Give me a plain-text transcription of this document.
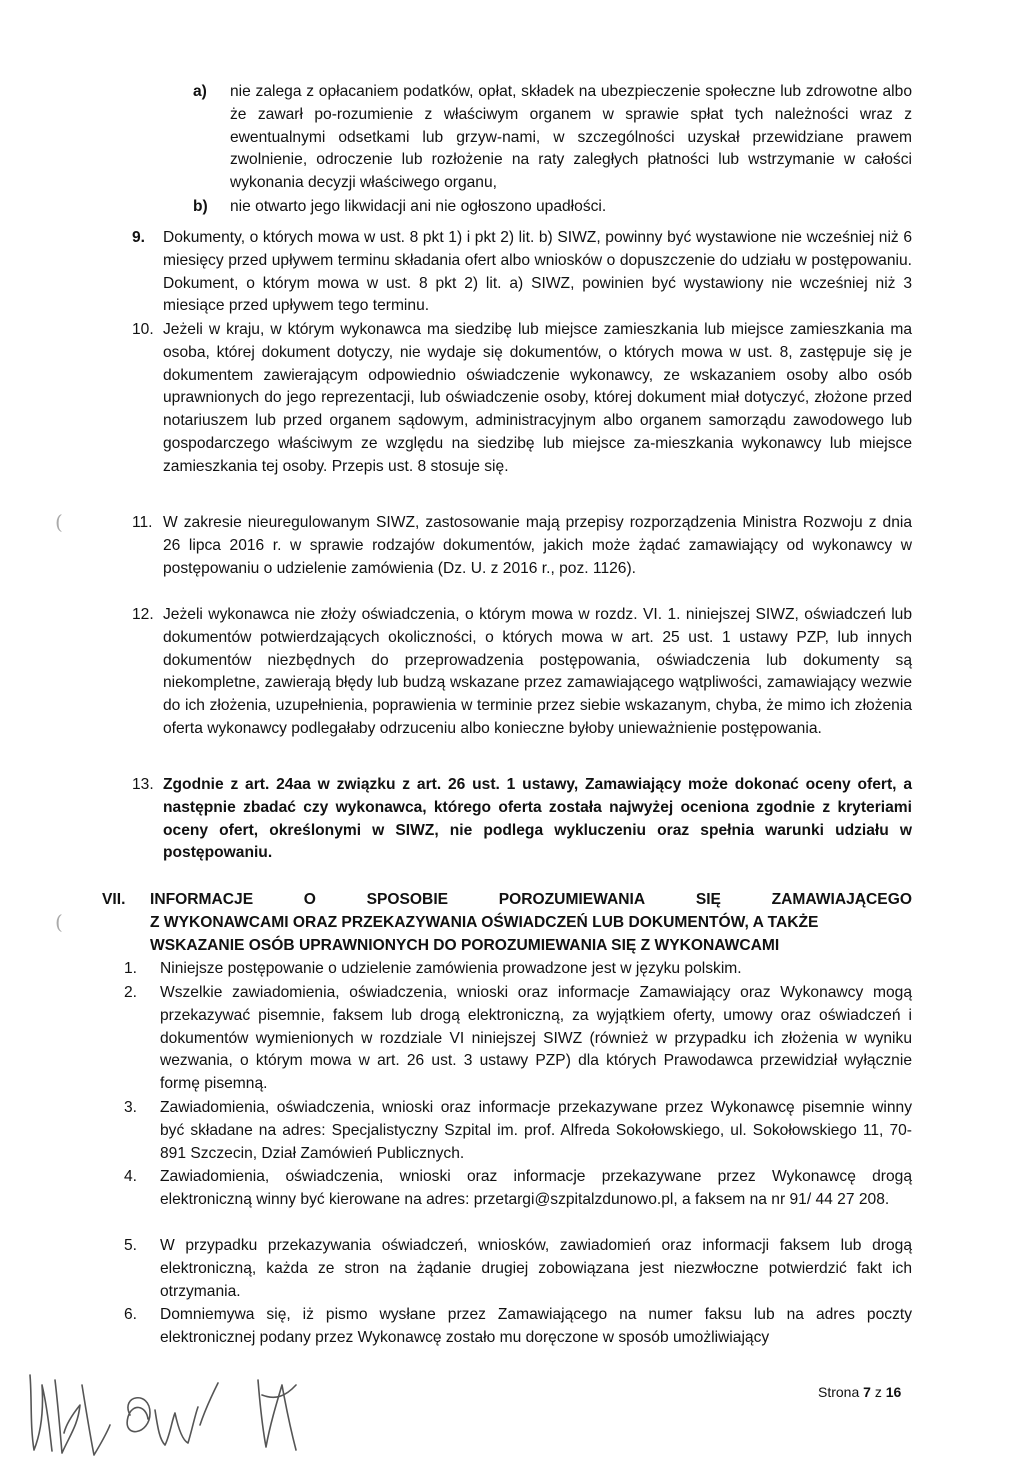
a) nie zalega z opłacaniem podatków, opłat, składek na ubezpieczenie społeczne lub zdrowotne albo że zawarł po-rozumienie z właściwym organem w sprawie spłat tych należności wraz z ewentualnymi odsetkami lub grzyw-nami, w szczególności uzyskał przewidziane prawem zwolnienie, odroczenie lub rozłożenie na raty zaległych płatności lub wstrzymanie w całości wykonania decyzji właściwego organu,
b) nie otwarto jego likwidacji ani nie ogłoszono upadłości.
9. Dokumenty, o których mowa w ust. 8 pkt 1) i pkt 2) lit. b) SIWZ, powinny być wystawione nie wcześniej niż 6 miesięcy przed upływem terminu składania ofert albo wniosków o dopuszczenie do udziału w postępowaniu. Dokument, o którym mowa w ust. 8 pkt 2) lit. a) SIWZ, powinien być wystawiony nie wcześniej niż 3 miesiące przed upływem tego terminu.
10. Jeżeli w kraju, w którym wykonawca ma siedzibę lub miejsce zamieszkania lub miejsce zamieszkania ma osoba, której dokument dotyczy, nie wydaje się dokumentów, o których mowa w ust. 8, zastępuje się je dokumentem zawierającym odpowiednio oświadczenie wykonawcy, ze wskazaniem osoby albo osób uprawnionych do jego reprezentacji, lub oświadczenie osoby, której dokument miał dotyczyć, złożone przed notariuszem lub przed organem sądowym, administracyjnym albo organem samorządu zawodowego lub gospodarczego właściwym ze względu na siedzibę lub miejsce za-mieszkania wykonawcy lub miejsce zamieszkania tej osoby. Przepis ust. 8 stosuje się.
11. W zakresie nieuregulowanym SIWZ, zastosowanie mają przepisy rozporządzenia Ministra Rozwoju z dnia 26 lipca 2016 r. w sprawie rodzajów dokumentów, jakich może żądać zamawiający od wykonawcy w postępowaniu o udzielenie zamówienia (Dz. U. z 2016 r., poz. 1126).
12. Jeżeli wykonawca nie złoży oświadczenia, o którym mowa w rozdz. VI. 1. niniejszej SIWZ, oświadczeń lub dokumentów potwierdzających okoliczności, o których mowa w art. 25 ust. 1 ustawy PZP, lub innych dokumentów niezbędnych do przeprowadzenia postępowania, oświadczenia lub dokumenty są niekompletne, zawierają błędy lub budzą wskazane przez zamawiającego wątpliwości, zamawiający wezwie do ich złożenia, uzupełnienia, poprawienia w terminie przez siebie wskazanym, chyba, że mimo ich złożenia oferta wykonawcy podlegałaby odrzuceniu albo konieczne byłoby unieważnienie postępowania.
13. Zgodnie z art. 24aa w związku z art. 26 ust. 1 ustawy, Zamawiający może dokonać oceny ofert, a następnie zbadać czy wykonawca, którego oferta została najwyżej oceniona zgodnie z kryteriami oceny ofert, określonymi w SIWZ, nie podlega wykluczeniu oraz spełnia warunki udziału w postępowaniu.
VII. INFORMACJE	O	SPOSOBIE	POROZUMIEWANIA	SIĘ	ZAMAWIAJĄCEGO
Z WYKONAWCAMI ORAZ PRZEKAZYWANIA OŚWIADCZEŃ LUB DOKUMENTÓW, A TAKŻE
WSKAZANIE OSÓB UPRAWNIONYCH DO POROZUMIEWANIA SIĘ Z WYKONAWCAMI
1. Niniejsze postępowanie o udzielenie zamówienia prowadzone jest w języku polskim.
2. Wszelkie zawiadomienia, oświadczenia, wnioski oraz informacje Zamawiający oraz Wykonawcy mogą przekazywać pisemnie, faksem lub drogą elektroniczną, za wyjątkiem oferty, umowy oraz oświadczeń i dokumentów wymienionych w rozdziale VI niniejszej SIWZ (również w przypadku ich złożenia w wyniku wezwania, o którym mowa w art. 26 ust. 3 ustawy PZP) dla których Prawodawca przewidział wyłącznie formę pisemną.
3. Zawiadomienia, oświadczenia, wnioski oraz informacje przekazywane przez Wykonawcę pisemnie winny być składane na adres: Specjalistyczny Szpital im. prof. Alfreda Sokołowskiego, ul. Sokołowskiego 11, 70-891 Szczecin, Dział Zamówień Publicznych.
4. Zawiadomienia, oświadczenia, wnioski oraz informacje przekazywane przez Wykonawcę drogą elektroniczną winny być kierowane na adres: przetargi@szpitalzdunowo.pl, a faksem na nr 91/ 44 27 208.
5. W przypadku przekazywania oświadczeń, wniosków, zawiadomień oraz informacji faksem lub drogą elektroniczną, każda ze stron na żądanie drugiej zobowiązana jest niezwłoczne potwierdzić fakt ich otrzymania.
6. Domniemywa się, iż pismo wysłane przez Zamawiającego na numer faksu lub na adres poczty elektronicznej podany przez Wykonawcę zostało mu doręczone w sposób umożliwiający
(
(
Strona 7 z 16
